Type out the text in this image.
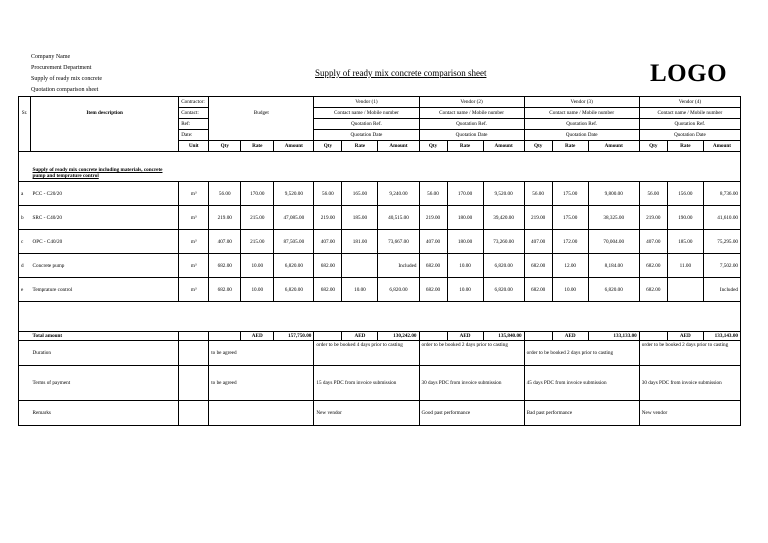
Company Name
Procurement Department
Supply of ready mix concrete
Quotation comparison sheet
Supply of ready mix concrete comparison sheet	LOGO
		Contractor:				Vendor (1)			Vendor (2)			Vendor (3)			Vendor (4)		
Sr.	Item description	Contact:	Budget			Contact name / Mobile number			Contact name / Mobile number			Contact name / Mobile number			Contact name / Mobile number		
		Ref:				Quotation Ref.			Quotation Ref.			Quotation Ref.			Quotation Ref.		
		Date:				Quotation Date			Quotation Date			Quotation Date			Quotation Date		
		Unit	Qty	Rate	Amount	Qty	Rate	Amount	Qty	Rate	Amount	Qty	Rate	Amount	Qty	Rate	Amount

	Supply of ready mix concrete including materials, concrete pump and temprature control																

a	PCC - C20/20	m³	56.00	170.00	9,520.00	56.00	165.00	9,240.00	56.00	170.00	9,520.00	56.00	175.00	9,800.00	56.00	156.00	8,736.00
b	SRC - C40/20	m³	219.00	215.00	47,085.00	219.00	185.00	40,515.00	219.00	180.00	39,420.00	219.00	175.00	38,325.00	219.00	190.00	41,610.00
c	OPC - C40/20	m³	407.00	215.00	87,505.00	407.00	181.00	73,667.00	407.00	180.00	73,260.00	407.00	172.00	70,004.00	407.00	185.00	75,295.00
d	Concrete pump	m³	682.00	10.00	6,820.00	682.00		Included	682.00	10.00	6,820.00	682.00	12.00	8,184.00	682.00	11.00	7,502.00
e	Temprature control	m³	682.00	10.00	6,820.00	682.00	10.00	6,820.00	682.00	10.00	6,820.00	682.00	10.00	6,820.00	682.00		Included

	Total amount			AED	157,750.00		AED	130,242.00		AED	135,840.00		AED	133,133.00		AED	133,143.00
	Duration		to be agreed			order to be booked 4 days prior to casting			order to be booked 2 days prior to casting			order to be booked 2 days prior to casting			order to be booked 2 days prior to casting		
	Terms of payment		to be agreed			15 days PDC from invoice submission			30 days PDC from invoice submission			45 days PDC from invoice submission			30 days PDC from invoice submission		
	Remarks					New vendor			Good past performance			Bad past performance			New vendor		
